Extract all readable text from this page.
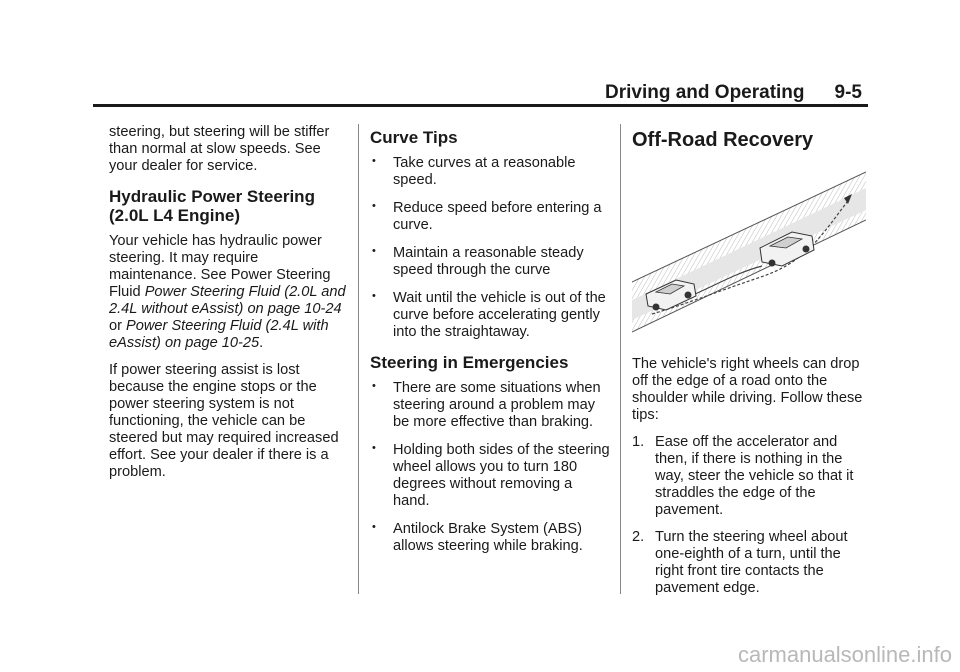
Driving and Operating 9-5

steering, but steering will be stiffer than normal at slow speeds. See your dealer for service.

Hydraulic Power Steering (2.0L L4 Engine)

Your vehicle has hydraulic power steering. It may require maintenance. See Power Steering Fluid Power Steering Fluid (2.0L and 2.4L without eAssist) on page 10-24 or Power Steering Fluid (2.4L with eAssist) on page 10-25.

If power steering assist is lost because the engine stops or the power steering system is not functioning, the vehicle can be steered but may required increased effort. See your dealer if there is a problem.

Curve Tips
• Take curves at a reasonable speed.
• Reduce speed before entering a curve.
• Maintain a reasonable steady speed through the curve
• Wait until the vehicle is out of the curve before accelerating gently into the straightaway.
Steering in Emergencies
• There are some situations when steering around a problem may be more effective than braking.
• Holding both sides of the steering wheel allows you to turn 180 degrees without removing a hand.
• Antilock Brake System (ABS) allows steering while braking.
Off-Road Recovery

The vehicle's right wheels can drop off the edge of a road onto the shoulder while driving. Follow these tips:

1. Ease off the accelerator and then, if there is nothing in the way, steer the vehicle so that it straddles the edge of the pavement.
2. Turn the steering wheel about one-eighth of a turn, until the right front tire contacts the pavement edge.
carmanualsonline.info
